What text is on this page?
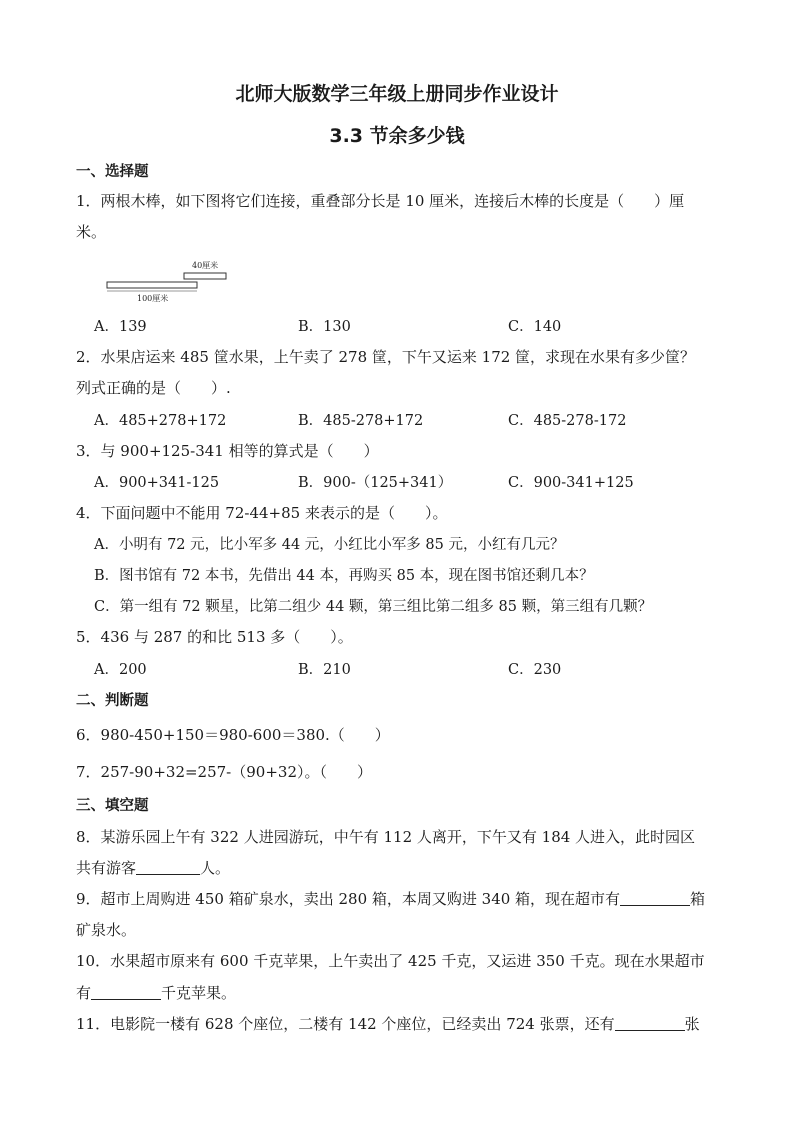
北师大版数学三年级上册同步作业设计
3.3 节余多少钱
一、选择题
1．两根木棒，如下图将它们连接，重叠部分长是 10 厘米，连接后木棒的长度是（　　）厘
米。
40厘米
100厘米
A．139	B．130	C．140
2．水果店运来 485 筐水果，上午卖了 278 筐，下午又运来 172 筐，求现在水果有多少筐？
列式正确的是（　　）.
A．485+278+172	B．485-278+172	C．485-278-172
3．与 900+125-341 相等的算式是（　　）
A．900+341-125	B．900-（125+341）	C．900-341+125
4．下面问题中不能用 72-44+85 来表示的是（　　）。
A．小明有 72 元，比小军多 44 元，小红比小军多 85 元，小红有几元？
B．图书馆有 72 本书，先借出 44 本，再购买 85 本，现在图书馆还剩几本？
C．第一组有 72 颗星，比第二组少 44 颗，第三组比第二组多 85 颗，第三组有几颗？
5．436 与 287 的和比 513 多（　　）。
A．200	B．210	C．230
二、判断题
6．980-450+150＝980-600＝380.（　　）
7．257-90+32=257-（90+32）。（　　）
三、填空题
8．某游乐园上午有 322 人进园游玩，中午有 112 人离开，下午又有 184 人进入，此时园区
共有游客	人。
9．超市上周购进 450 箱矿泉水，卖出 280 箱，本周又购进 340 箱，现在超市有	箱
矿泉水。
10．水果超市原来有 600 千克苹果，上午卖出了 425 千克，又运进 350 千克。现在水果超市
有	千克苹果。
11．电影院一楼有 628 个座位，二楼有 142 个座位，已经卖出 724 张票，还有	张
